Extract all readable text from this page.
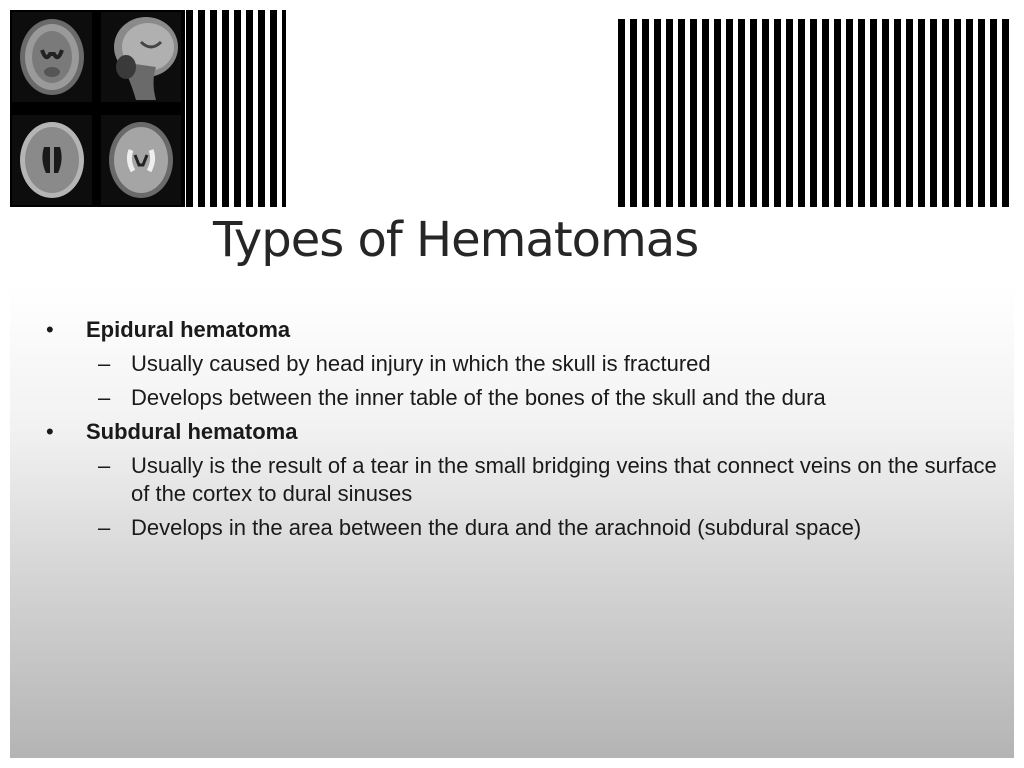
Types of Hematomas
•	Epidural hematoma
– Usually caused by head injury in which the skull is fractured
– Develops between the inner table of the bones of the skull and the dura
•	Subdural hematoma
– Usually is the result of a tear in the small bridging veins that connect veins on the surface of the cortex to dural sinuses
– Develops in the area between the dura and the arachnoid (subdural space)
